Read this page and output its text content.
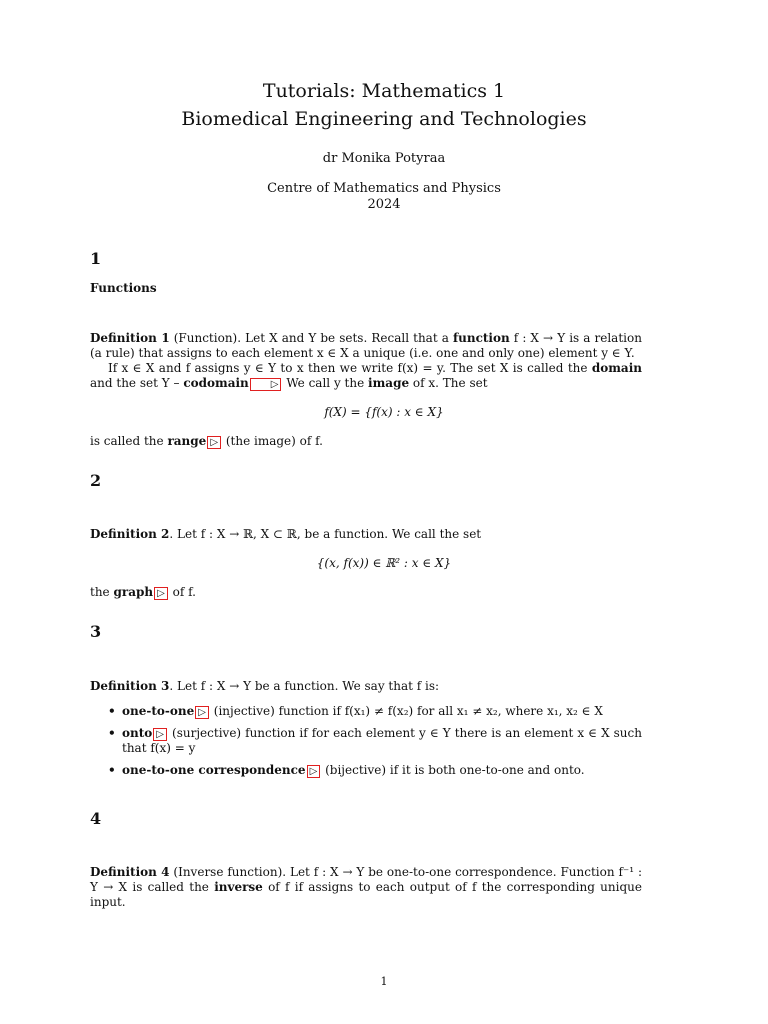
Tutorials: Mathematics 1
Biomedical Engineering and Technologies
dr Monika Potyraa
Centre of Mathematics and Physics
2024
1
Functions
Definition 1 (Function). Let X and Y be sets. Recall that a function f : X → Y is a relation (a rule) that assigns to each element x ∈ X a unique (i.e. one and only one) element y ∈ Y.
If x ∈ X and f assigns y ∈ Y to x then we write f(x) = y. The set X is called the domain and the set Y – codomain ▷ We call y the image of x. The set
f(X) = {f(x) : x ∈ X}
is called the range ▷ (the image) of f.
2
Definition 2. Let f : X → ℝ, X ⊂ ℝ, be a function. We call the set
{(x, f(x)) ∈ ℝ² : x ∈ X}
the graph ▷ of f.
3
Definition 3. Let f : X → Y be a function. We say that f is:
• one-to-one ▷ (injective) function if f(x₁) ≠ f(x₂) for all x₁ ≠ x₂, where x₁, x₂ ∈ X
• onto ▷ (surjective) function if for each element y ∈ Y there is an element x ∈ X such that f(x) = y
• one-to-one correspondence ▷ (bijective) if it is both one-to-one and onto.
4
Definition 4 (Inverse function). Let f : X → Y be one-to-one correspondence. Function f⁻¹ : Y → X is called the inverse of f if assigns to each output of f the corresponding unique input.
1
